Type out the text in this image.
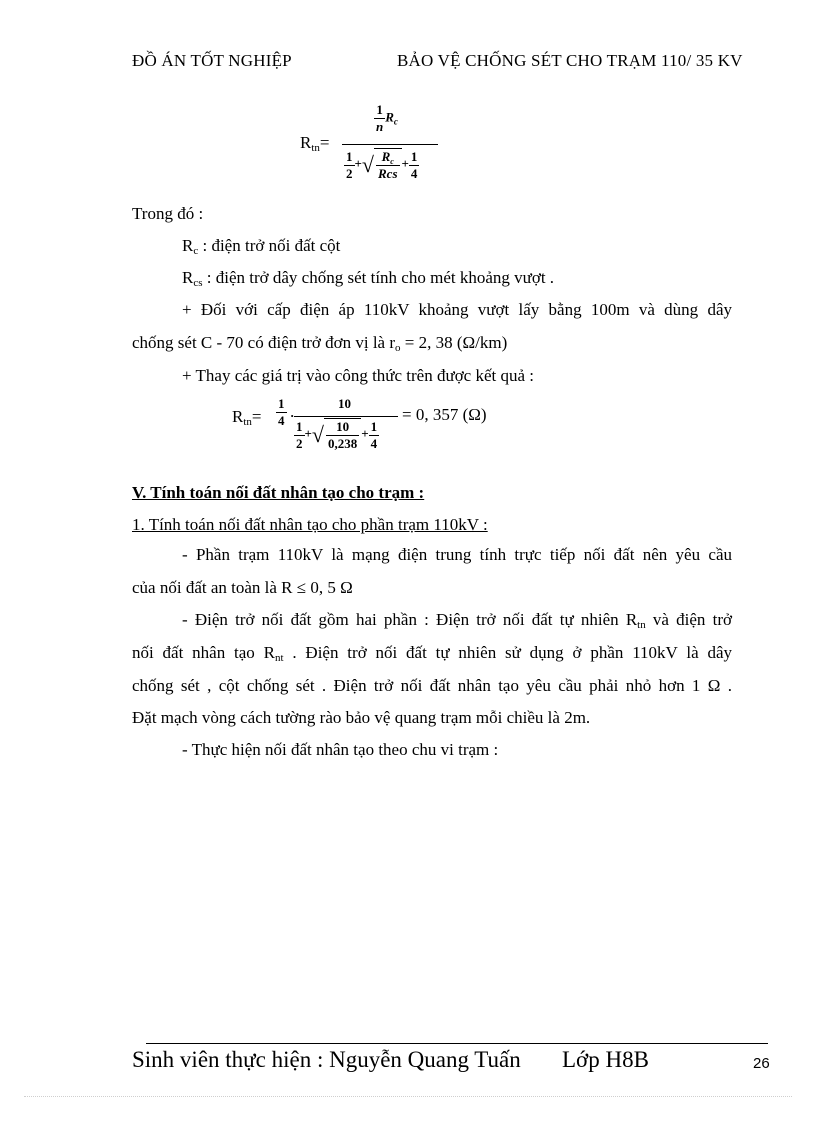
ĐỒ ÁN TỐT NGHIỆP	BẢO VỆ CHỐNG SÉT CHO TRẠM 110/ 35 KV
$R_{tn}=$
$\frac{1}{n} R_c$
$\frac{1}{2}$ +√ $\frac{R_c}{\text{Rcs}} + \frac{1}{4}$
Trong đó :
$R_c$ : điện trở nối đất cột
$R_{cs}$ : điện trở dây chống sét tính cho mét khoảng vượt .
+ Đối với cấp điện áp 110kV khoảng vượt lấy bằng 100m và dùng dây
chống sét C - 70 có điện trở đơn vị là $r_o = 2$, 38 (Ω/km)
+ Thay các giá trị vào công thức trên được kết quả :
$R_{tn}= \frac{1}{4}$ ·
10
$\frac{1}{2}$ +√ $\frac{10}{0,238} + \frac{1}{4}$
= 0, 357 (Ω)
V. Tính toán nối đất nhân tạo cho trạm :
1. Tính toán nối đất nhân tạo cho phần trạm 110kV :
- Phần trạm 110kV là mạng điện trung tính trực tiếp nối đất nên yêu cầu
của nối đất an toàn là R ≤ 0, 5 Ω
- Điện trở nối đất gồm hai phần : Điện trở nối đất tự nhiên $R_{tn}$ và điện trở
nối đất nhân tạo $R_{nt}$ . Điện trở nối đất tự nhiên sử dụng ở phần 110kV là dây
chống sét , cột chống sét . Điện trở nối đất nhân tạo yêu cầu phải nhỏ hơn 1 Ω .
Đặt mạch vòng cách tường rào bảo vệ quang trạm mỗi chiều là 2m.
- Thực hiện nối đất nhân tạo theo chu vi trạm :
Sinh viên thực hiện : Nguyễn Quang Tuấn Lớp H8B	26
